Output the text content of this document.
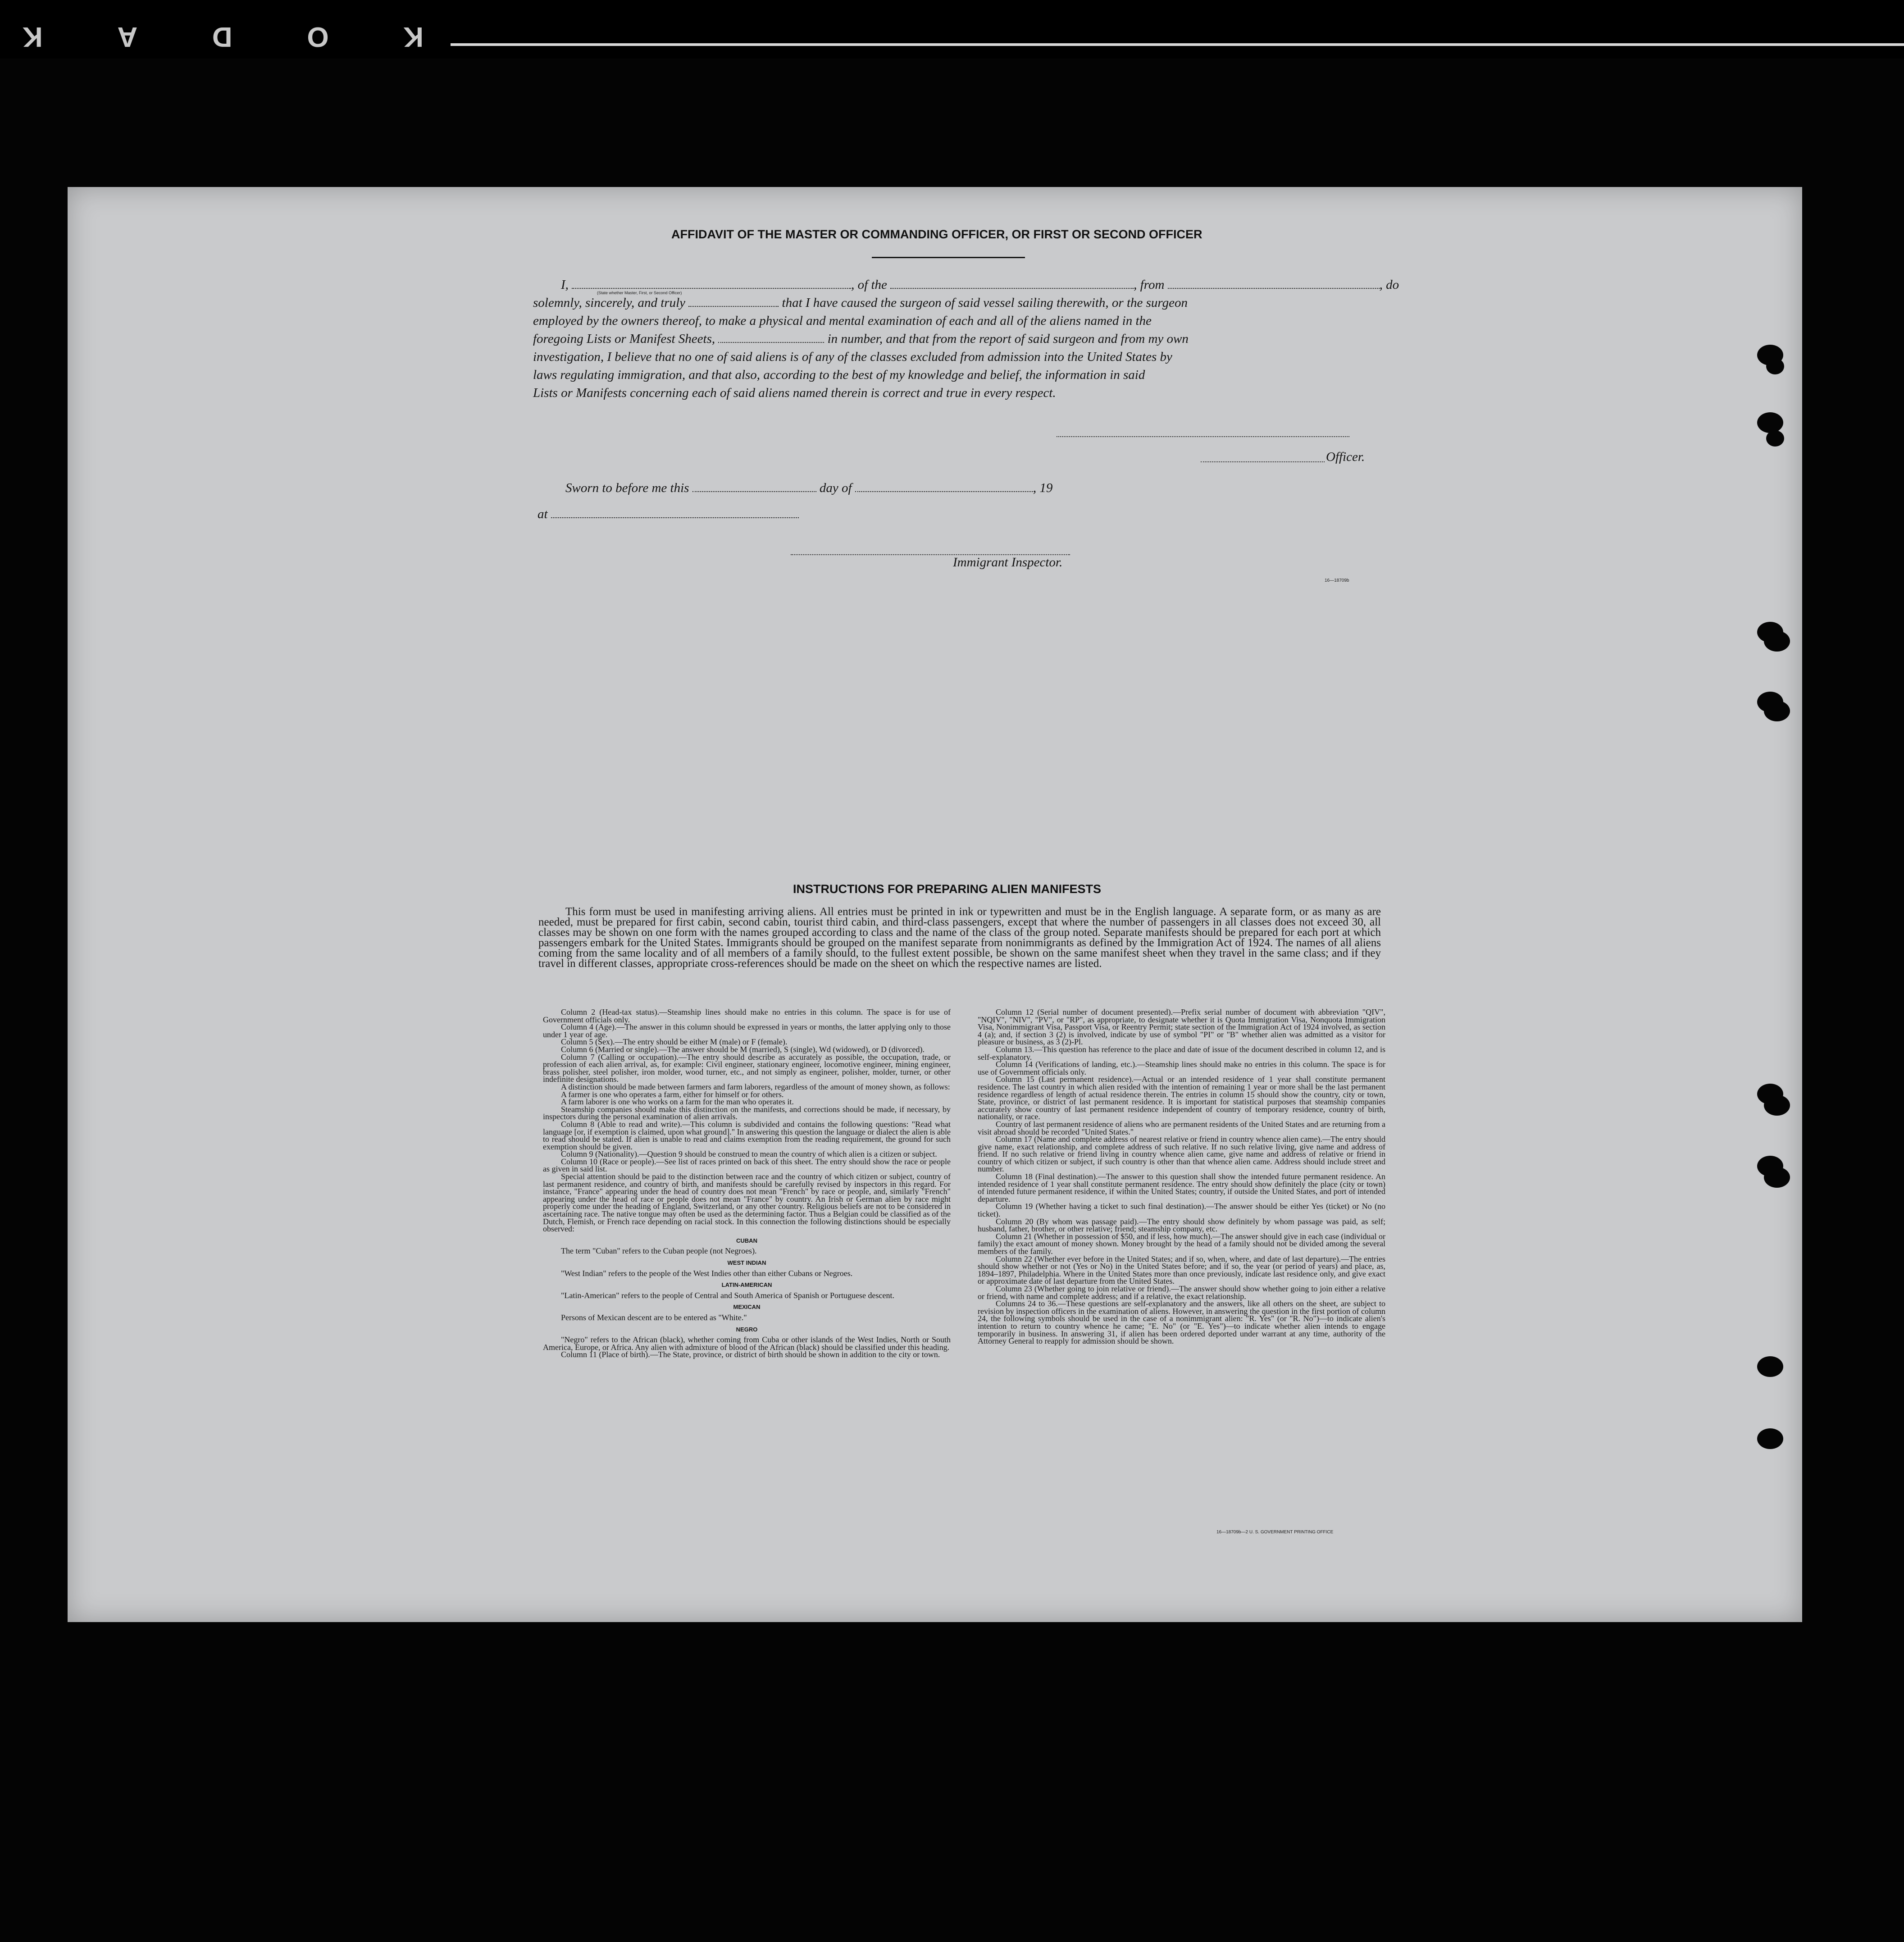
K
O
D
A
K
AFFIDAVIT OF THE MASTER OR COMMANDING OFFICER, OR FIRST OR SECOND OFFICER
I,	, of the	, from	, do
(State whether Master, First, or Second Officer)
solemnly, sincerely, and truly	that I have caused the surgeon of said vessel sailing therewith, or the surgeon
employed by the owners thereof, to make a physical and mental examination of each and all of the aliens named in the
foregoing Lists or Manifest Sheets,	in number, and that from the report of said surgeon and from my own
investigation, I believe that no one of said aliens is of any of the classes excluded from admission into the United States by
laws regulating immigration, and that also, according to the best of my knowledge and belief, the information in said
Lists or Manifests concerning each of said aliens named therein is correct and true in every respect.
Officer.
Sworn to before me this	day of	, 19
at
Immigrant Inspector.
16—18709b
INSTRUCTIONS FOR PREPARING ALIEN MANIFESTS
This form must be used in manifesting arriving aliens. All entries must be printed in ink or typewritten and must be in the English language. A separate form, or as many as are needed, must be prepared for first cabin, second cabin, tourist third cabin, and third-class passengers, except that where the number of passengers in all classes does not exceed 30, all classes may be shown on one form with the names grouped according to class and the name of the class of the group noted. Separate manifests should be prepared for each port at which passengers embark for the United States. Immigrants should be grouped on the manifest separate from nonimmigrants as defined by the Immigration Act of 1924. The names of all aliens coming from the same locality and of all members of a family should, to the fullest extent possible, be shown on the same manifest sheet when they travel in the same class; and if they travel in different classes, appropriate cross-references should be made on the sheet on which the respective names are listed.

Column 2 (Head-tax status).—Steamship lines should make no entries in this column. The space is for use of Government officials only.

Column 4 (Age).—The answer in this column should be expressed in years or months, the latter applying only to those under 1 year of age.

Column 5 (Sex).—The entry should be either M (male) or F (female).

Column 6 (Married or single).—The answer should be M (married), S (single), Wd (widowed), or D (divorced).

Column 7 (Calling or occupation).—The entry should describe as accurately as possible, the occupation, trade, or profession of each alien arrival, as, for example: Civil engineer, stationary engineer, locomotive engineer, mining engineer, brass polisher, steel polisher, iron molder, wood turner, etc., and not simply as engineer, polisher, molder, turner, or other indefinite designations.

A distinction should be made between farmers and farm laborers, regardless of the amount of money shown, as follows:

A farmer is one who operates a farm, either for himself or for others.

A farm laborer is one who works on a farm for the man who operates it.

Steamship companies should make this distinction on the manifests, and corrections should be made, if necessary, by inspectors during the personal examination of alien arrivals.

Column 8 (Able to read and write).—This column is subdivided and contains the following questions: "Read what language [or, if exemption is claimed, upon what ground]." In answering this question the language or dialect the alien is able to read should be stated. If alien is unable to read and claims exemption from the reading requirement, the ground for such exemption should be given.

Column 9 (Nationality).—Question 9 should be construed to mean the country of which alien is a citizen or subject.

Column 10 (Race or people).—See list of races printed on back of this sheet. The entry should show the race or people as given in said list.

Special attention should be paid to the distinction between race and the country of which citizen or subject, country of last permanent residence, and country of birth, and manifests should be carefully revised by inspectors in this regard. For instance, "France" appearing under the head of country does not mean "French" by race or people, and, similarly "French" appearing under the head of race or people does not mean "France" by country. An Irish or German alien by race might properly come under the heading of England, Switzerland, or any other country. Religious beliefs are not to be considered in ascertaining race. The native tongue may often be used as the determining factor. Thus a Belgian could be classified as of the Dutch, Flemish, or French race depending on racial stock. In this connection the following distinctions should be especially observed:

CUBAN

The term "Cuban" refers to the Cuban people (not Negroes).

WEST INDIAN

"West Indian" refers to the people of the West Indies other than either Cubans or Negroes.

LATIN-AMERICAN

"Latin-American" refers to the people of Central and South America of Spanish or Portuguese descent.

MEXICAN

Persons of Mexican descent are to be entered as "White."

NEGRO

"Negro" refers to the African (black), whether coming from Cuba or other islands of the West Indies, North or South America, Europe, or Africa. Any alien with admixture of blood of the African (black) should be classified under this heading.

Column 11 (Place of birth).—The State, province, or district of birth should be shown in addition to the city or town.

Column 12 (Serial number of document presented).—Prefix serial number of document with abbreviation "QIV", "NQIV", "NIV", "PV", or "RP", as appropriate, to designate whether it is Quota Immigration Visa, Nonquota Immigration Visa, Nonimmigrant Visa, Passport Visa, or Reentry Permit; state section of the Immigration Act of 1924 involved, as section 4 (a); and, if section 3 (2) is involved, indicate by use of symbol "PI" or "B" whether alien was admitted as a visitor for pleasure or business, as 3 (2)-Pl.

Column 13.—This question has reference to the place and date of issue of the document described in column 12, and is self-explanatory.

Column 14 (Verifications of landing, etc.).—Steamship lines should make no entries in this column. The space is for use of Government officials only.

Column 15 (Last permanent residence).—Actual or an intended residence of 1 year shall constitute permanent residence. The last country in which alien resided with the intention of remaining 1 year or more shall be the last permanent residence regardless of length of actual residence therein. The entries in column 15 should show the country, city or town, State, province, or district of last permanent residence. It is important for statistical purposes that steamship companies accurately show country of last permanent residence independent of country of temporary residence, country of birth, nationality, or race.

Country of last permanent residence of aliens who are permanent residents of the United States and are returning from a visit abroad should be recorded "United States."

Column 17 (Name and complete address of nearest relative or friend in country whence alien came).—The entry should give name, exact relationship, and complete address of such relative. If no such relative living, give name and address of friend. If no such relative or friend living in country whence alien came, give name and address of relative or friend in country of which citizen or subject, if such country is other than that whence alien came. Address should include street and number.

Column 18 (Final destination).—The answer to this question shall show the intended future permanent residence. An intended residence of 1 year shall constitute permanent residence. The entry should show definitely the place (city or town) of intended future permanent residence, if within the United States; country, if outside the United States, and port of intended departure.

Column 19 (Whether having a ticket to such final destination).—The answer should be either Yes (ticket) or No (no ticket).

Column 20 (By whom was passage paid).—The entry should show definitely by whom passage was paid, as self; husband, father, brother, or other relative; friend; steamship company, etc.

Column 21 (Whether in possession of $50, and if less, how much).—The answer should give in each case (individual or family) the exact amount of money shown. Money brought by the head of a family should not be divided among the several members of the family.

Column 22 (Whether ever before in the United States; and if so, when, where, and date of last departure).—The entries should show whether or not (Yes or No) in the United States before; and if so, the year (or period of years) and place, as, 1894–1897, Philadelphia. Where in the United States more than once previously, indicate last residence only, and give exact or approximate date of last departure from the United States.

Column 23 (Whether going to join relative or friend).—The answer should show whether going to join either a relative or friend, with name and complete address; and if a relative, the exact relationship.

Columns 24 to 36.—These questions are self-explanatory and the answers, like all others on the sheet, are subject to revision by inspection officers in the examination of aliens. However, in answering the question in the first portion of column 24, the following symbols should be used in the case of a nonimmigrant alien: "R. Yes" (or "R. No")—to indicate alien's intention to return to country whence he came; "E. No" (or "E. Yes")—to indicate whether alien intends to engage temporarily in business. In answering 31, if alien has been ordered deported under warrant at any time, authority of the Attorney General to reapply for admission should be shown.

16—18709b—2 U. S. GOVERNMENT PRINTING OFFICE
